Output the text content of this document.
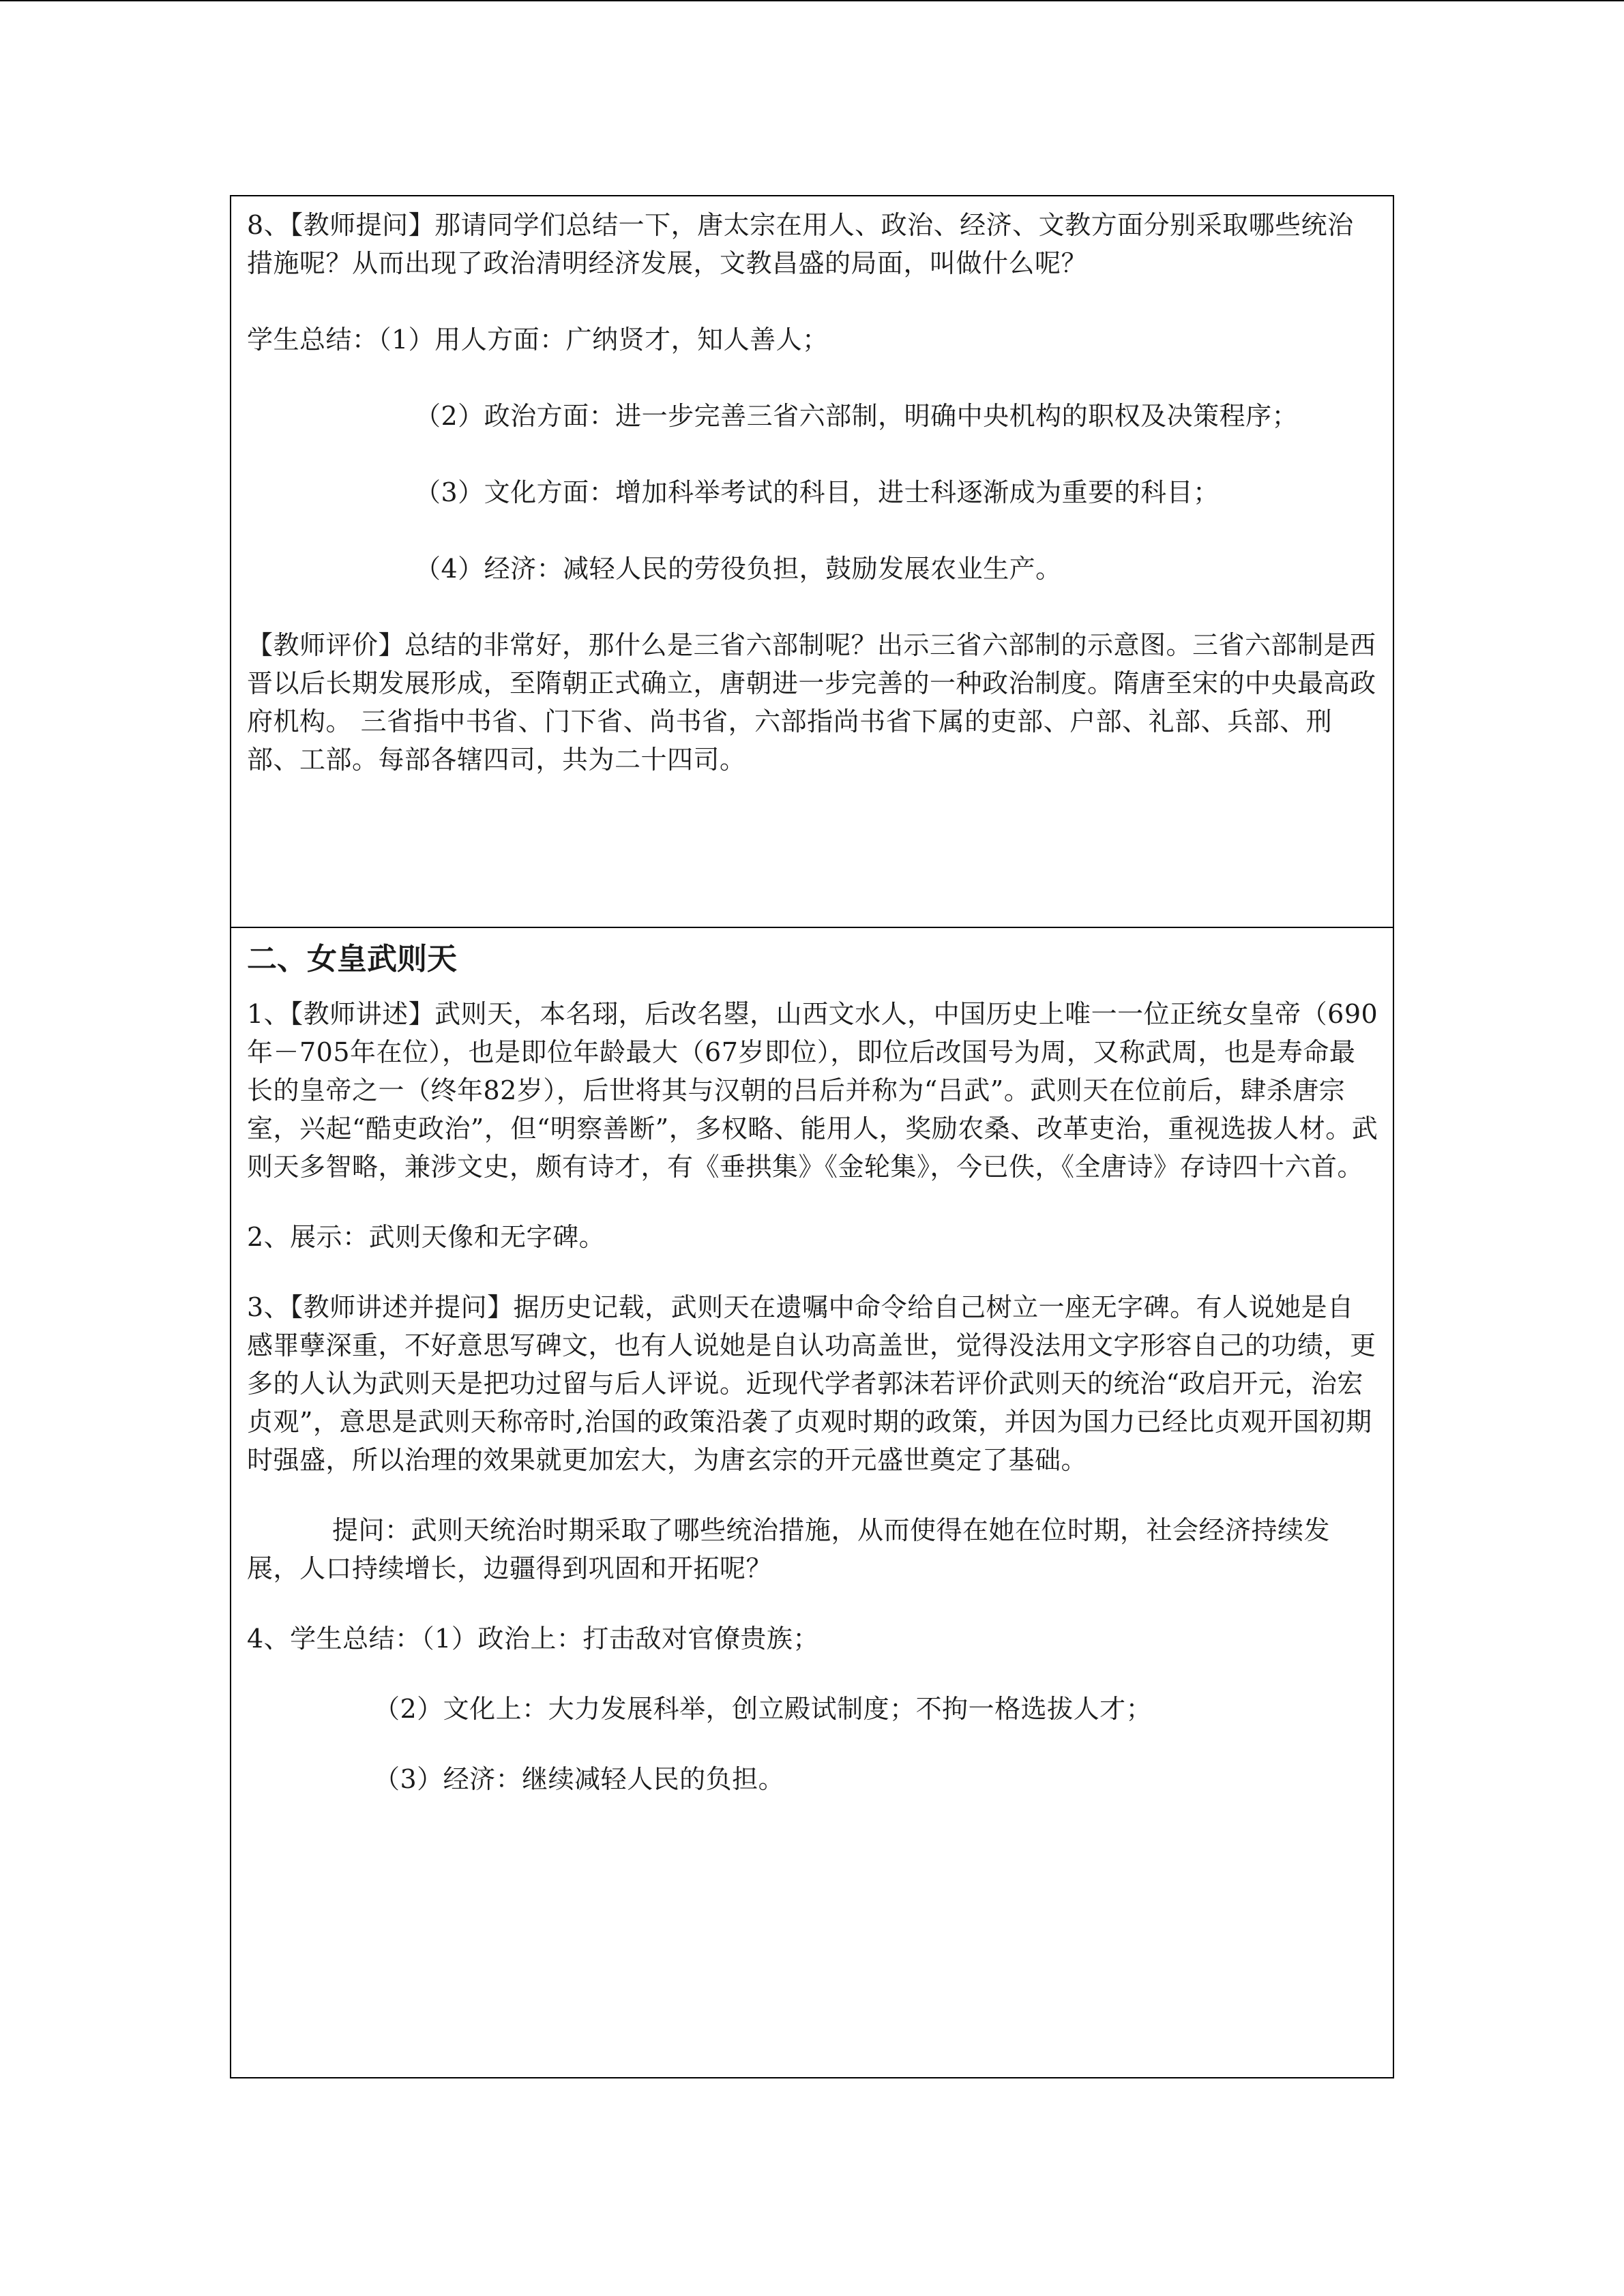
8、【教师提问】那请同学们总结一下，唐太宗在用人、政治、经济、文教方面分别采取哪些统治措施呢？从而出现了政治清明经济发展，文教昌盛的局面，叫做什么呢？

学生总结：（1）用人方面：广纳贤才，知人善人；

（2）政治方面：进一步完善三省六部制，明确中央机构的职权及决策程序；

（3）文化方面：增加科举考试的科目，进士科逐渐成为重要的科目；

（4）经济：减轻人民的劳役负担，鼓励发展农业生产。

【教师评价】总结的非常好，那什么是三省六部制呢？出示三省六部制的示意图。三省六部制是西晋以后长期发展形成，至隋朝正式确立，唐朝进一步完善的一种政治制度。隋唐至宋的中央最高政府机构。 三省指中书省、门下省、尚书省，六部指尚书省下属的吏部、户部、礼部、兵部、刑部、工部。每部各辖四司，共为二十四司。

二、女皇武则天

1、【教师讲述】武则天，本名珝，后改名曌，山西文水人，中国历史上唯一一位正统女皇帝（690年－705年在位），也是即位年龄最大（67岁即位），即位后改国号为周，又称武周，也是寿命最长的皇帝之一（终年82岁），后世将其与汉朝的吕后并称为“吕武”。武则天在位前后，肆杀唐宗室，兴起“酷吏政治”，但“明察善断”，多权略、能用人，奖励农桑、改革吏治，重视选拔人材。武则天多智略，兼涉文史，颇有诗才，有《垂拱集》《金轮集》，今已佚，《全唐诗》存诗四十六首。

2、展示：武则天像和无字碑。

3、【教师讲述并提问】据历史记载，武则天在遗嘱中命令给自己树立一座无字碑。有人说她是自感罪孽深重，不好意思写碑文，也有人说她是自认功高盖世，觉得没法用文字形容自己的功绩，更多的人认为武则天是把功过留与后人评说。近现代学者郭沫若评价武则天的统治“政启开元，治宏贞观”，意思是武则天称帝时,治国的政策沿袭了贞观时期的政策，并因为国力已经比贞观开国初期时强盛，所以治理的效果就更加宏大，为唐玄宗的开元盛世奠定了基础。

提问：武则天统治时期采取了哪些统治措施，从而使得在她在位时期，社会经济持续发展，人口持续增长，边疆得到巩固和开拓呢？

4、学生总结：（1）政治上：打击敌对官僚贵族；

（2）文化上：大力发展科举，创立殿试制度；不拘一格选拔人才；

（3）经济：继续减轻人民的负担。
